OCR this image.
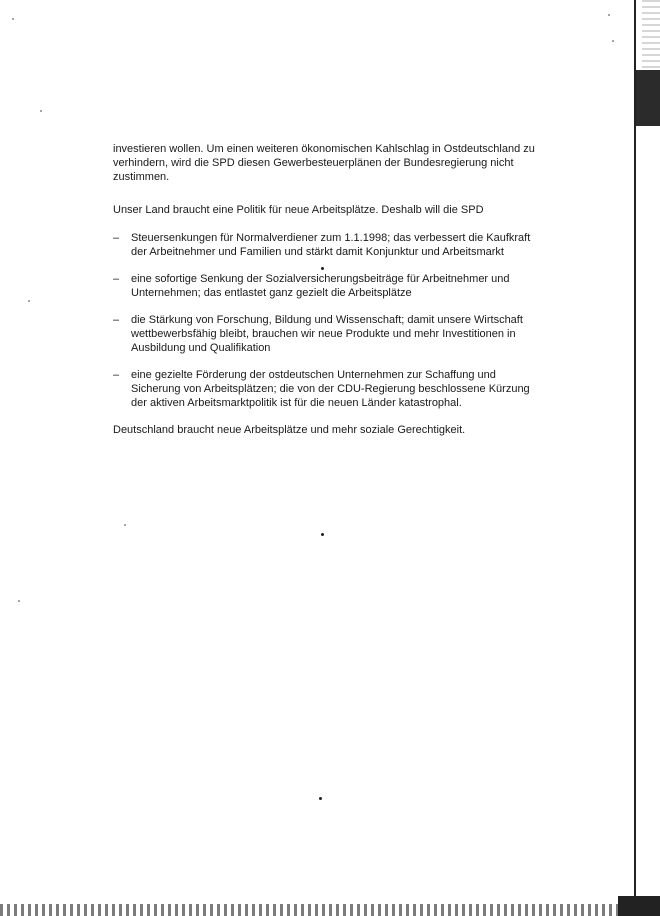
investieren wollen. Um einen weiteren ökonomischen Kahlschlag in Ostdeutschland zu verhindern, wird die SPD diesen Gewerbesteuerplänen der Bundesregierung nicht zustimmen.

Unser Land braucht eine Politik für neue Arbeitsplätze. Deshalb will die SPD

– Steuersenkungen für Normalverdiener zum 1.1.1998; das verbessert die Kaufkraft der Arbeitnehmer und Familien und stärkt damit Konjunktur und Arbeitsmarkt
– eine sofortige Senkung der Sozialversicherungsbeiträge für Arbeitnehmer und Unternehmen; das entlastet ganz gezielt die Arbeitsplätze
– die Stärkung von Forschung, Bildung und Wissenschaft; damit unsere Wirtschaft wettbewerbsfähig bleibt, brauchen wir neue Produkte und mehr Investitionen in Ausbildung und Qualifikation
– eine gezielte Förderung der ostdeutschen Unternehmen zur Schaffung und Sicherung von Arbeitsplätzen; die von der CDU-Regierung beschlossene Kürzung der aktiven Arbeitsmarktpolitik ist für die neuen Länder katastrophal.

Deutschland braucht neue Arbeitsplätze und mehr soziale Gerechtigkeit.
